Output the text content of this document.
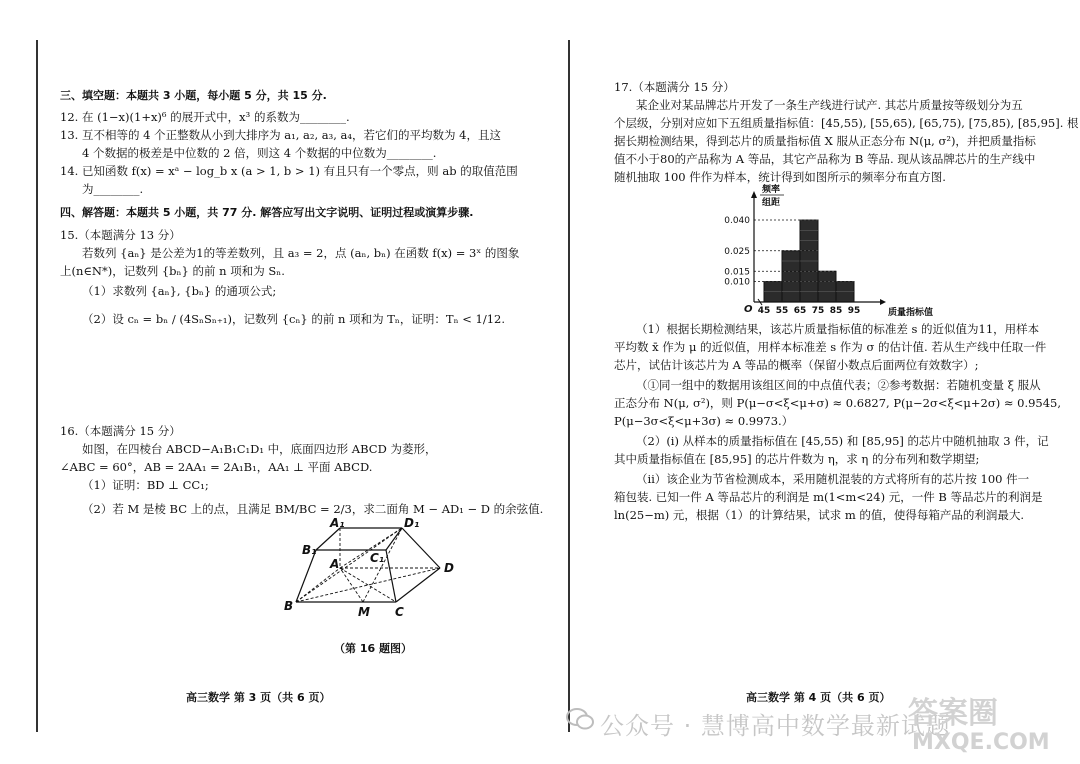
三、填空题：本题共 3 小题，每小题 5 分，共 15 分.
12. 在 (1−x)(1+x)⁶ 的展开式中，x³ 的系数为________.
13. 互不相等的 4 个正整数从小到大排序为 a₁, a₂, a₃, a₄，若它们的平均数为 4，且这
4 个数据的极差是中位数的 2 倍，则这 4 个数据的中位数为________.
14. 已知函数 f(x) = xᵃ − log_b x (a > 1, b > 1) 有且只有一个零点，则 ab 的取值范围
为________.
四、解答题：本题共 5 小题，共 77 分. 解答应写出文字说明、证明过程或演算步骤.
15.（本题满分 13 分）
若数列 {aₙ} 是公差为1的等差数列，且 a₃ = 2，点 (aₙ, bₙ) 在函数 f(x) = 3ˣ 的图象
上(n∈N*)，记数列 {bₙ} 的前 n 项和为 Sₙ.
（1）求数列 {aₙ}, {bₙ} 的通项公式;
（2）设 cₙ = bₙ / (4SₙSₙ₊₁)，记数列 {cₙ} 的前 n 项和为 Tₙ，证明：Tₙ < 1/12.
16.（本题满分 15 分）
如图，在四棱台 ABCD−A₁B₁C₁D₁ 中，底面四边形 ABCD 为菱形，
∠ABC = 60°，AB = 2AA₁ = 2A₁B₁，AA₁ ⊥ 平面 ABCD.
（1）证明：BD ⊥ CC₁;
（2）若 M 是棱 BC 上的点，且满足 BM/BC = 2/3，求二面角 M − AD₁ − D 的余弦值.
A₁	D₁
B₁
C₁
A	D
B	M C
（第 16 题图）
高三数学 第 3 页（共 6 页）
17.（本题满分 15 分）
某企业对某品牌芯片开发了一条生产线进行试产. 其芯片质量按等级划分为五
个层级，分别对应如下五组质量指标值：[45,55), [55,65), [65,75), [75,85), [85,95]. 根
据长期检测结果，得到芯片的质量指标值 X 服从正态分布 N(μ, σ²)，并把质量指标
值不小于80的产品称为 A 等品，其它产品称为 B 等品. 现从该品牌芯片的生产线中
随机抽取 100 件作为样本，统计得到如图所示的频率分布直方图.
0.040
0.025
0.015
0.010
45 55 65 75 85 95
O	质量指标值
频率
组距
（1）根据长期检测结果，该芯片质量指标值的标准差 s 的近似值为11，用样本
平均数 x̄ 作为 μ 的近似值，用样本标准差 s 作为 σ 的估计值. 若从生产线中任取一件
芯片，试估计该芯片为 A 等品的概率（保留小数点后面两位有效数字）;
（①同一组中的数据用该组区间的中点值代表；②参考数据：若随机变量 ξ 服从
正态分布 N(μ, σ²)，则 P(μ−σ<ξ<μ+σ) ≈ 0.6827, P(μ−2σ<ξ<μ+2σ) ≈ 0.9545,
P(μ−3σ<ξ<μ+3σ) ≈ 0.9973.）
（2）(ⅰ) 从样本的质量指标值在 [45,55) 和 [85,95] 的芯片中随机抽取 3 件，记
其中质量指标值在 [85,95] 的芯片件数为 η，求 η 的分布列和数学期望;
（ⅱ）该企业为节省检测成本，采用随机混装的方式将所有的芯片按 100 件一
箱包装. 已知一件 A 等品芯片的利润是 m(1<m<24) 元，一件 B 等品芯片的利润是
ln(25−m) 元，根据（1）的计算结果，试求 m 的值，使得每箱产品的利润最大.
高三数学 第 4 页（共 6 页）
公众号 · 慧博高中数学最新试题
答案圈
MXQE.COM
